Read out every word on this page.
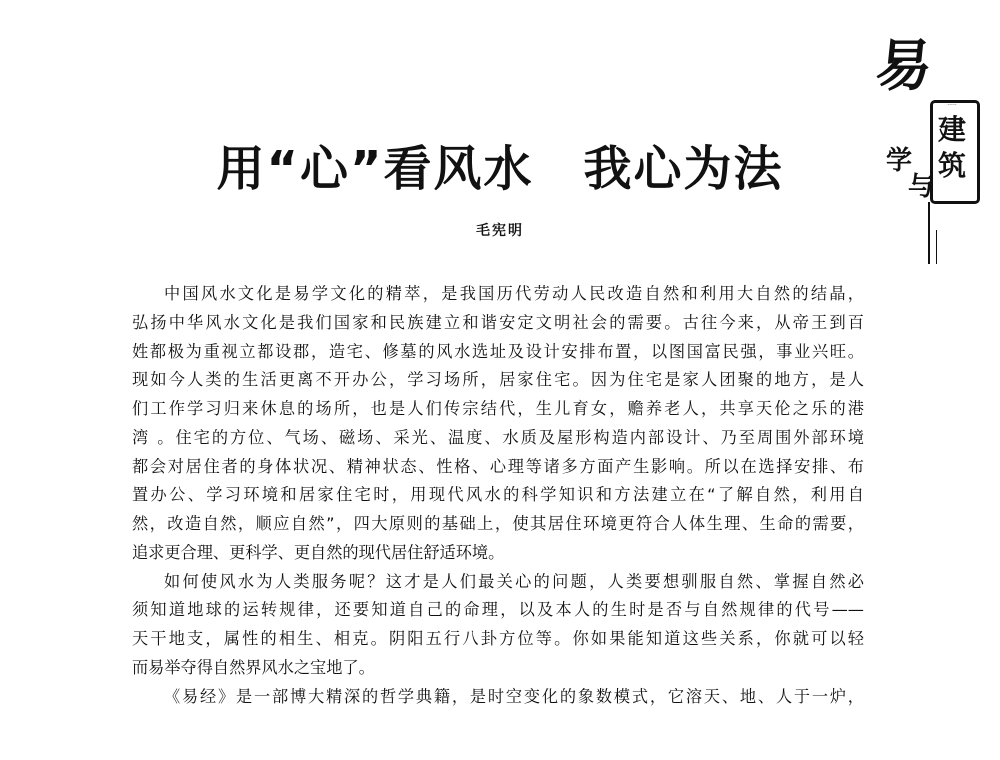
易
·····
建
筑
学
与
用“心”看风水　我心为法
毛宪明
中国风水文化是易学文化的精萃，是我国历代劳动人民改造自然和利用大自然的结晶，
弘扬中华风水文化是我们国家和民族建立和谐安定文明社会的需要。古往今来，从帝王到百
姓都极为重视立都设郡，造宅、修墓的风水选址及设计安排布置，以图国富民强，事业兴旺。
现如今人类的生活更离不开办公，学习场所，居家住宅。因为住宅是家人团聚的地方，是人
们工作学习归来休息的场所，也是人们传宗结代，生儿育女，赡养老人，共享天伦之乐的港
湾 。住宅的方位、气场、磁场、采光、温度、水质及屋形构造内部设计、乃至周围外部环境
都会对居住者的身体状况、精神状态、性格、心理等诸多方面产生影响。所以在选择安排、布
置办公、学习环境和居家住宅时，用现代风水的科学知识和方法建立在“了解自然，利用自
然，改造自然，顺应自然”，四大原则的基础上，使其居住环境更符合人体生理、生命的需要，
追求更合理、更科学、更自然的现代居住舒适环境。
如何使风水为人类服务呢？这才是人们最关心的问题，人类要想驯服自然、掌握自然必
须知道地球的运转规律，还要知道自己的命理，以及本人的生时是否与自然规律的代号——
天干地支，属性的相生、相克。阴阳五行八卦方位等。你如果能知道这些关系，你就可以轻
而易举夺得自然界风水之宝地了。
《易经》是一部博大精深的哲学典籍，是时空变化的象数模式，它溶天、地、人于一炉，
